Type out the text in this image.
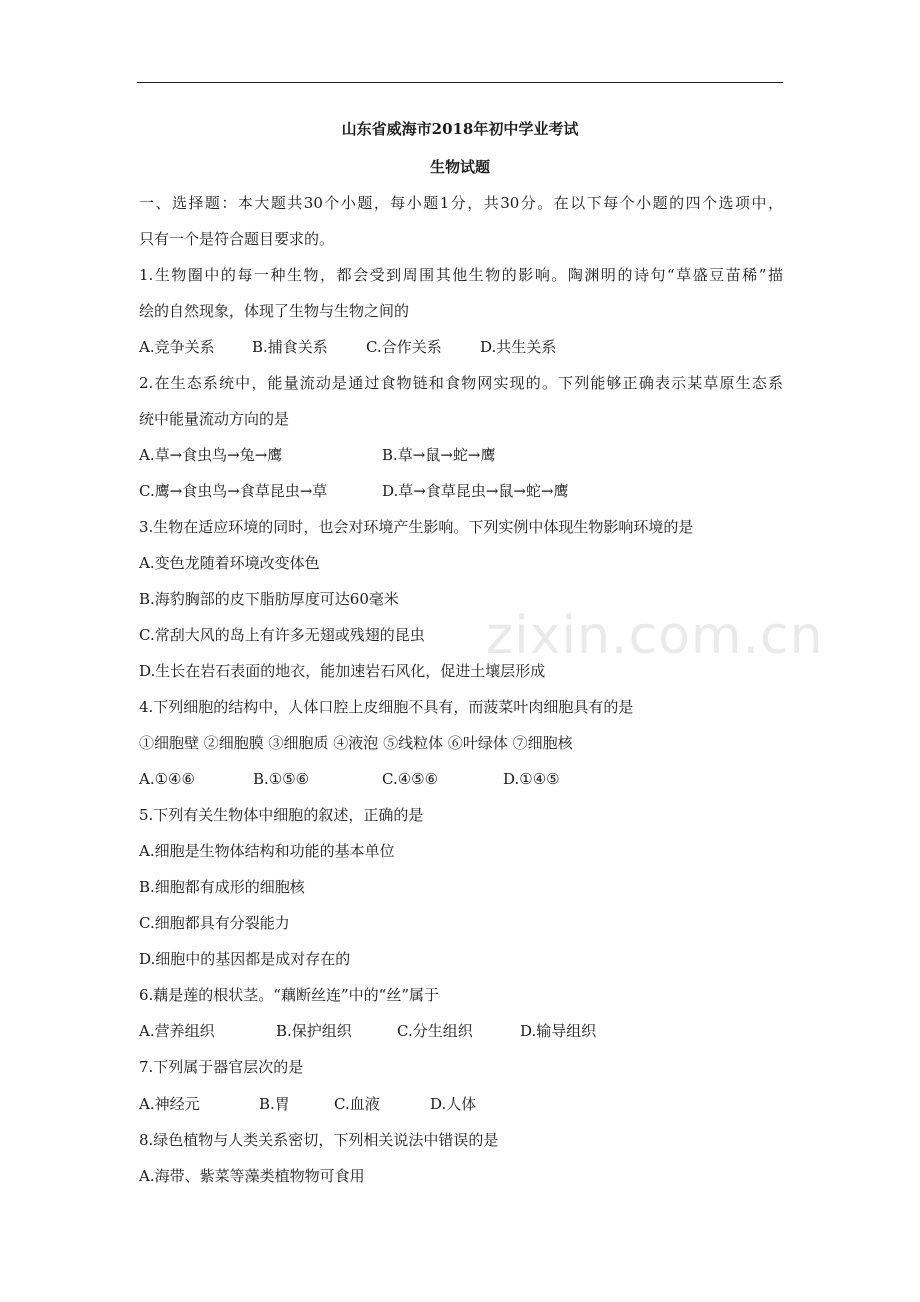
山东省威海市2018年初中学业考试
生物试题
一、选择题：本大题共30个小题，每小题1分，共30分。在以下每个小题的四个选项中，
只有一个是符合题目要求的。
1.生物圈中的每一种生物，都会受到周围其他生物的影响。陶渊明的诗句“草盛豆苗稀”描
绘的自然现象，体现了生物与生物之间的
A.竞争关系 B.捕食关系	C.合作关系	D.共生关系
2.在生态系统中，能量流动是通过食物链和食物网实现的。下列能够正确表示某草原生态系
统中能量流动方向的是
A.草→食虫鸟→兔→鹰	B.草→鼠→蛇→鹰
C.鹰→食虫鸟→食草昆虫→草	D.草→食草昆虫→鼠→蛇→鹰
3.生物在适应环境的同时，也会对环境产生影响。下列实例中体现生物影响环境的是
A.变色龙随着环境改变体色
B.海豹胸部的皮下脂肪厚度可达60毫米
C.常刮大风的岛上有许多无翅或残翅的昆虫
D.生长在岩石表面的地衣，能加速岩石风化，促进土壤层形成
4.下列细胞的结构中，人体口腔上皮细胞不具有，而菠菜叶肉细胞具有的是
①细胞壁 ②细胞膜 ③细胞质 ④液泡 ⑤线粒体 ⑥叶绿体 ⑦细胞核
A.①④⑥	B.①⑤⑥	C.④⑤⑥	D.①④⑤
5.下列有关生物体中细胞的叙述，正确的是
A.细胞是生物体结构和功能的基本单位
B.细胞都有成形的细胞核
C.细胞都具有分裂能力
D.细胞中的基因都是成对存在的
6.藕是莲的根状茎。“藕断丝连”中的“丝”属于
A.营养组织	B.保护组织	C.分生组织	D.输导组织
7.下列属于器官层次的是
A.神经元	B.胃	C.血液	D.人体
8.绿色植物与人类关系密切，下列相关说法中错误的是
A.海带、紫菜等藻类植物物可食用
zixin.com.cn
